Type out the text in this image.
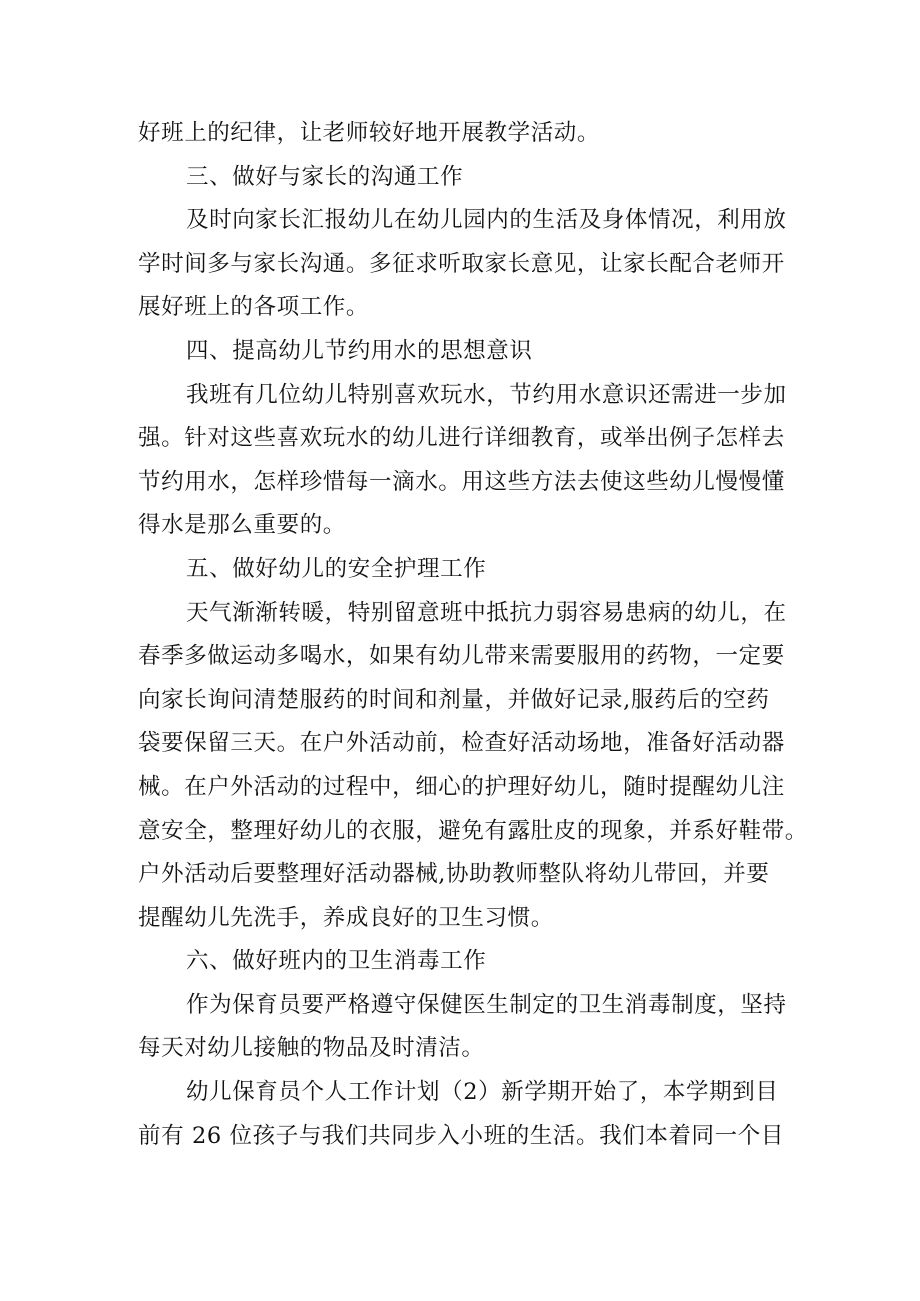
好班上的纪律，让老师较好地开展教学活动。
三、做好与家长的沟通工作
及时向家长汇报幼儿在幼儿园内的生活及身体情况，利用放
学时间多与家长沟通。多征求听取家长意见，让家长配合老师开
展好班上的各项工作。
四、提高幼儿节约用水的思想意识
我班有几位幼儿特别喜欢玩水，节约用水意识还需进一步加
强。针对这些喜欢玩水的幼儿进行详细教育，或举出例子怎样去
节约用水，怎样珍惜每一滴水。用这些方法去使这些幼儿慢慢懂
得水是那么重要的。
五、做好幼儿的安全护理工作
天气渐渐转暖，特别留意班中抵抗力弱容易患病的幼儿，在
春季多做运动多喝水，如果有幼儿带来需要服用的药物，一定要
向家长询问清楚服药的时间和剂量，并做好记录,服药后的空药
袋要保留三天。在户外活动前，检查好活动场地，准备好活动器
械。在户外活动的过程中，细心的护理好幼儿，随时提醒幼儿注
意安全，整理好幼儿的衣服，避免有露肚皮的现象，并系好鞋带。
户外活动后要整理好活动器械,协助教师整队将幼儿带回，并要
提醒幼儿先洗手，养成良好的卫生习惯。
六、做好班内的卫生消毒工作
作为保育员要严格遵守保健医生制定的卫生消毒制度，坚持
每天对幼儿接触的物品及时清洁。
幼儿保育员个人工作计划（2）新学期开始了，本学期到目
前有 26 位孩子与我们共同步入小班的生活。我们本着同一个目
